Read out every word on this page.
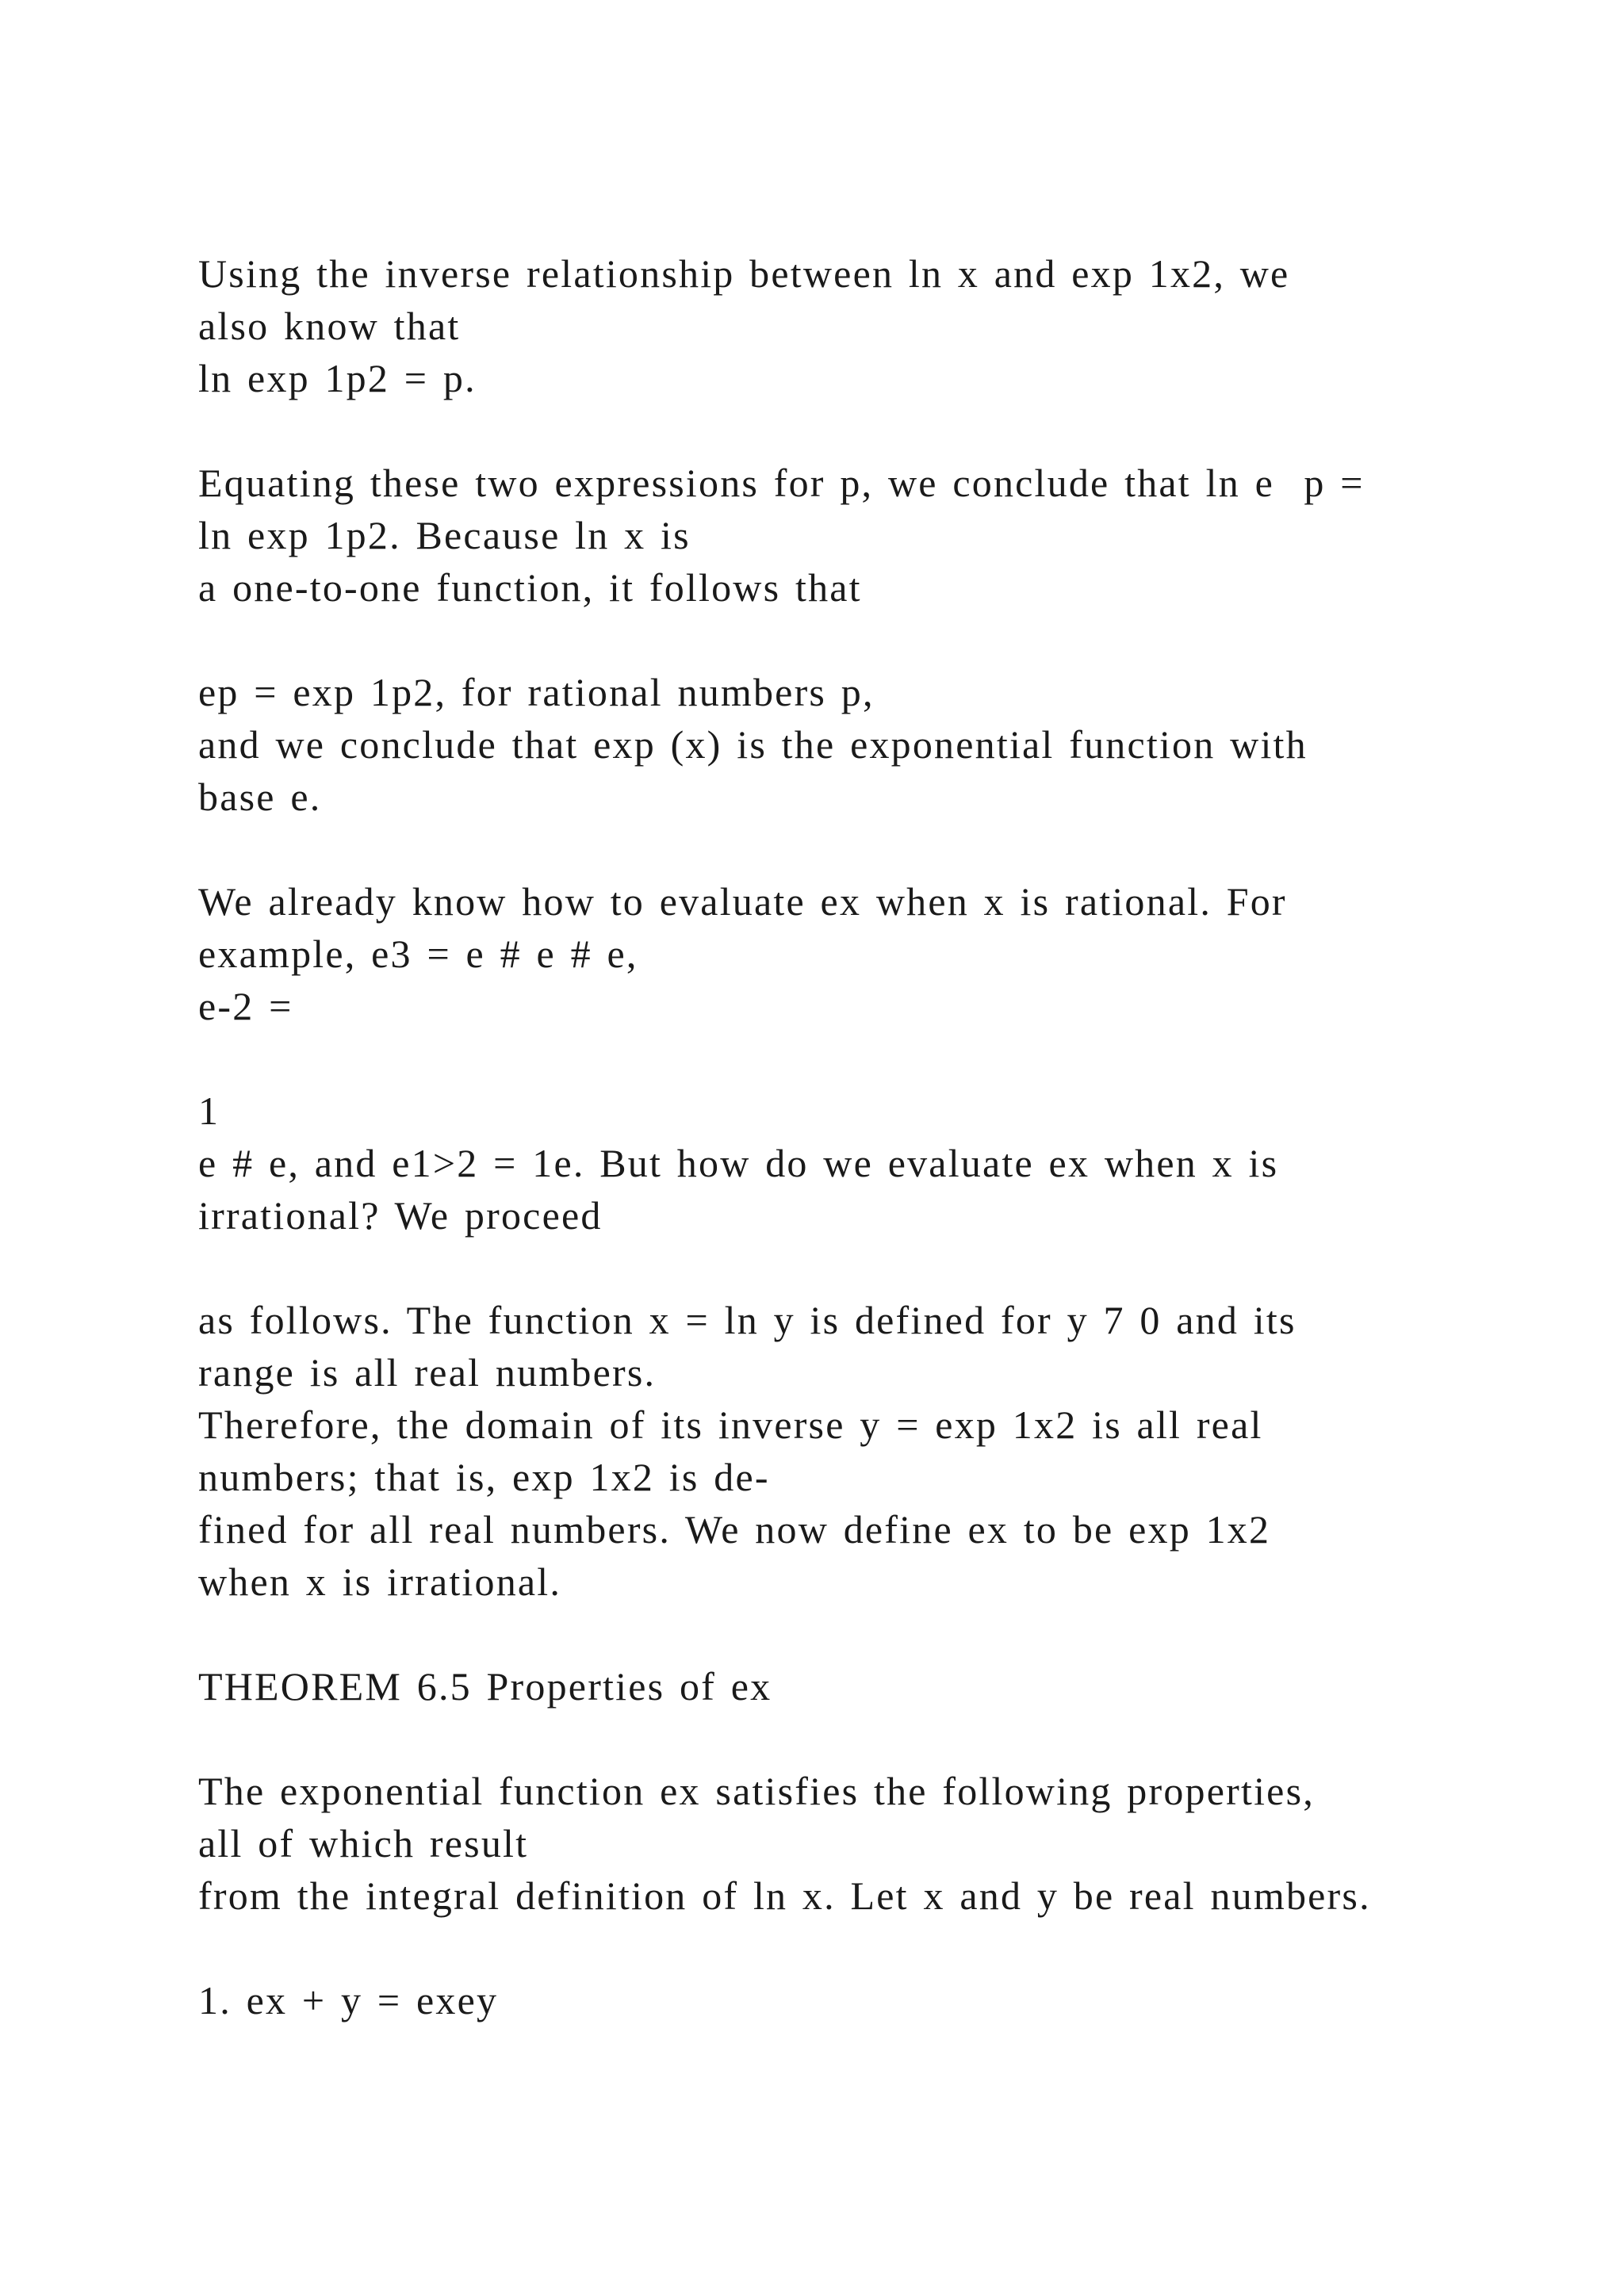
Using the inverse relationship between ln x and exp 1x2, we
also know that
ln exp 1p2 = p.
Equating these two expressions for p, we conclude that ln e  p =
ln exp 1p2. Because ln x is
a one-to-one function, it follows that
ep = exp 1p2, for rational numbers p,
and we conclude that exp (x) is the exponential function with
base e.
We already know how to evaluate ex when x is rational. For
example, e3 = e # e # e,
e-2 =
1
e # e, and e1>2 = 1e. But how do we evaluate ex when x is
irrational? We proceed
as follows. The function x = ln y is defined for y 7 0 and its
range is all real numbers.
Therefore, the domain of its inverse y = exp 1x2 is all real
numbers; that is, exp 1x2 is de-
fined for all real numbers. We now define ex to be exp 1x2
when x is irrational.
THEOREM 6.5 Properties of ex
The exponential function ex satisfies the following properties,
all of which result
from the integral definition of ln x. Let x and y be real numbers.
1. ex + y = exey
